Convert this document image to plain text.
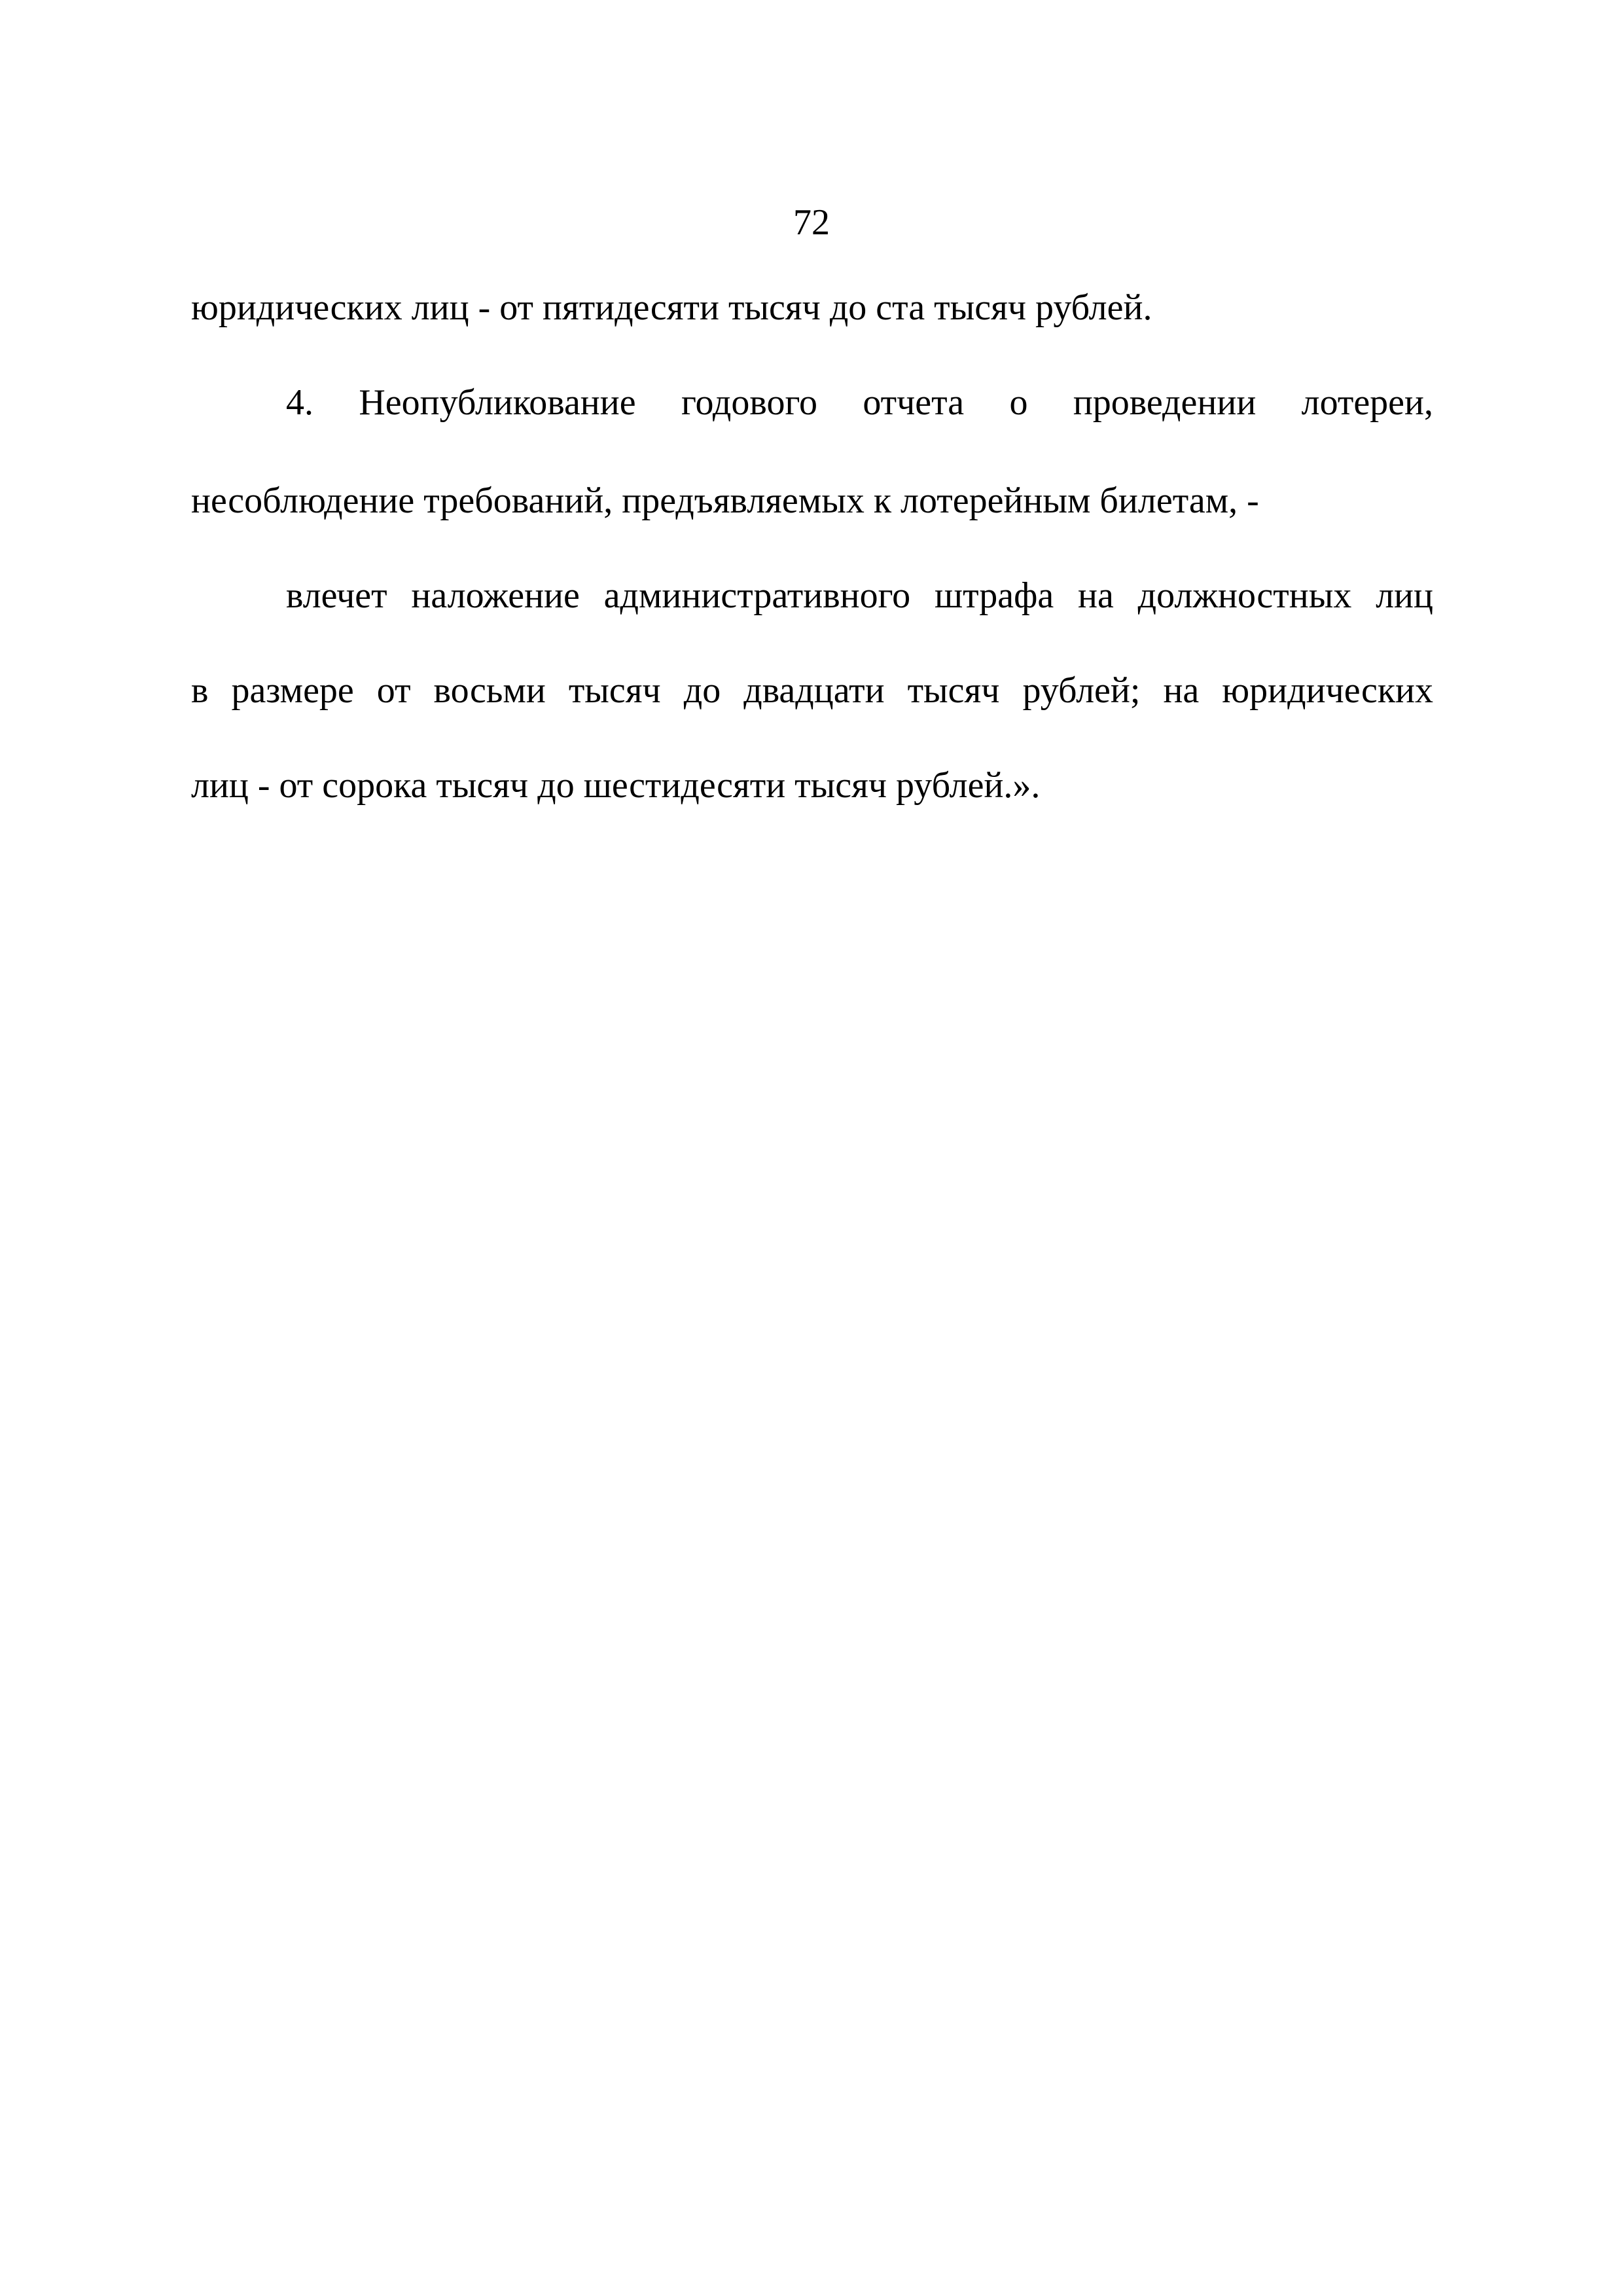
72
юридических лиц - от пятидесяти тысяч до ста тысяч рублей.
4. Неопубликование годового отчета о проведении лотереи,
несоблюдение требований, предъявляемых к лотерейным билетам, -
влечет наложение административного штрафа на должностных лиц
в размере от восьми тысяч до двадцати тысяч рублей; на юридических
лиц - от сорока тысяч до шестидесяти тысяч рублей.».
